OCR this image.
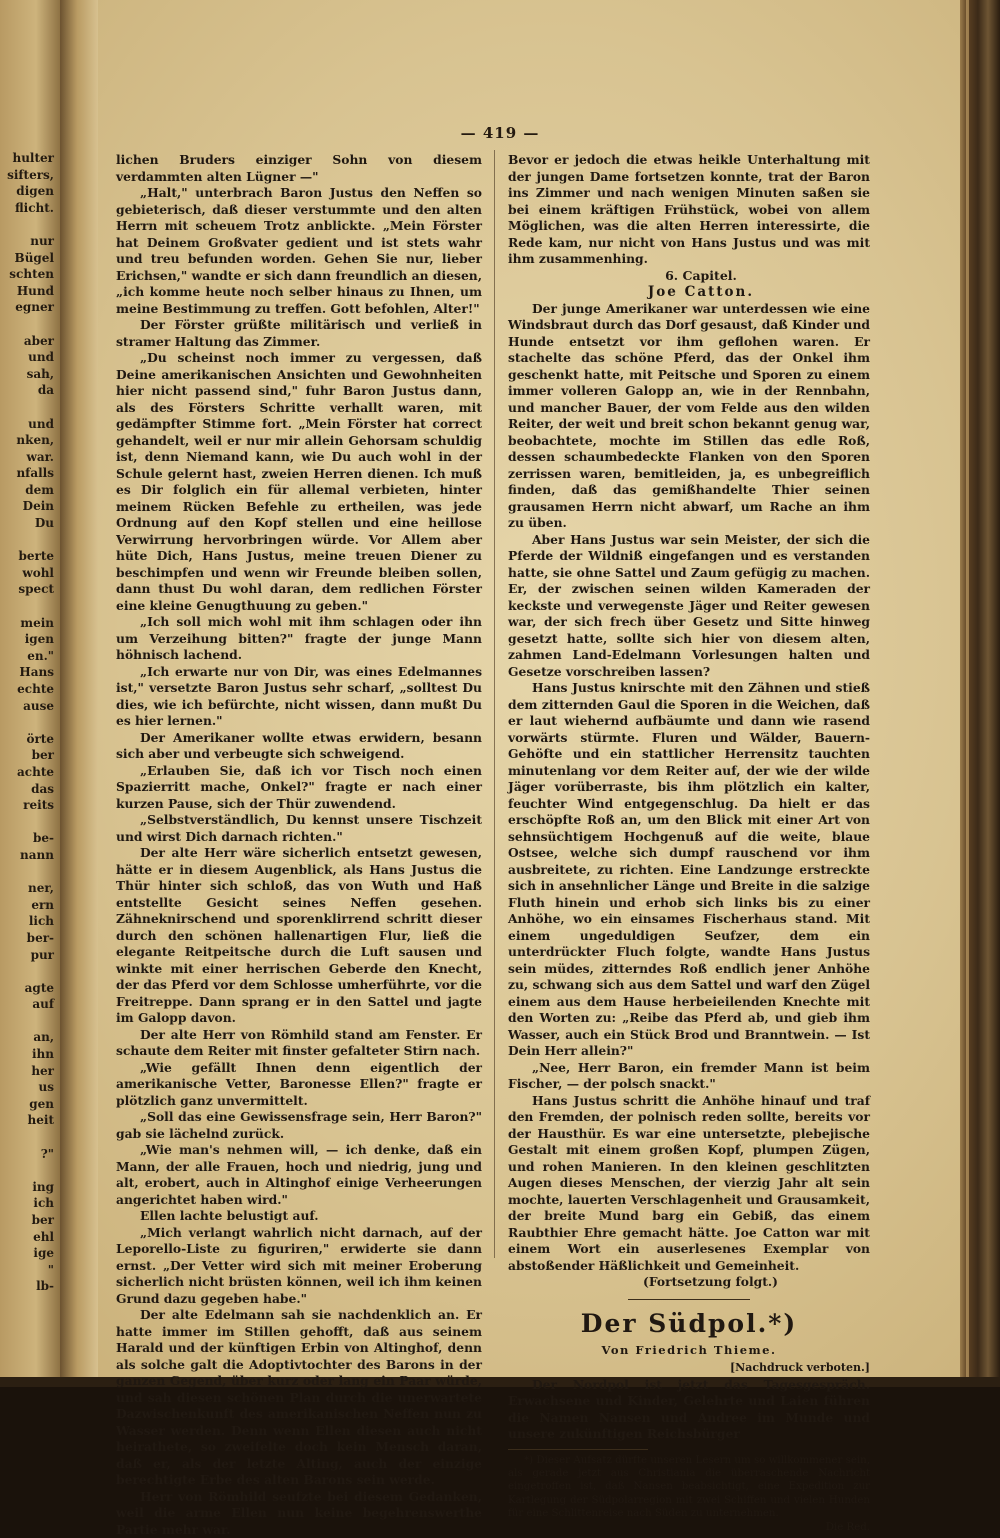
hulter
sifters,
digen
flicht.
nur
Bügel
schten
Hund
egner
aber
und
sah,
da
und
nken,
war.
nfalls
dem
Dein
Du
berte
wohl
spect
mein
igen
en."
Hans
echte
ause
örte
ber
achte
das
reits
be-
nann
ner,
ern
lich
ber-
pur
agte
auf
an,
ihn
her
us
gen
heit
?"
ing
ich
ber
ehl
ige
"
lb-
— 419 —

lichen Bruders einziger Sohn von diesem verdammten alten Lügner —"

„Halt," unterbrach Baron Justus den Neffen so gebieterisch, daß dieser verstummte und den alten Herrn mit scheuem Trotz anblickte. „Mein Förster hat Deinem Großvater gedient und ist stets wahr und treu befunden worden. Gehen Sie nur, lieber Erichsen," wandte er sich dann freundlich an diesen, „ich komme heute noch selber hinaus zu Ihnen, um meine Bestimmung zu treffen. Gott befohlen, Alter!"

Der Förster grüßte militärisch und verließ in stramer Haltung das Zimmer.

„Du scheinst noch immer zu vergessen, daß Deine amerikanischen Ansichten und Gewohnheiten hier nicht passend sind," fuhr Baron Justus dann, als des Försters Schritte verhallt waren, mit gedämpfter Stimme fort. „Mein Förster hat correct gehandelt, weil er nur mir allein Gehorsam schuldig ist, denn Niemand kann, wie Du auch wohl in der Schule gelernt hast, zweien Herren dienen. Ich muß es Dir folglich ein für allemal verbieten, hinter meinem Rücken Befehle zu ertheilen, was jede Ordnung auf den Kopf stellen und eine heillose Verwirrung hervorbringen würde. Vor Allem aber hüte Dich, Hans Justus, meine treuen Diener zu beschimpfen und wenn wir Freunde bleiben sollen, dann thust Du wohl daran, dem redlichen Förster eine kleine Genugthuung zu geben."

„Ich soll mich wohl mit ihm schlagen oder ihn um Verzeihung bitten?" fragte der junge Mann höhnisch lachend.

„Ich erwarte nur von Dir, was eines Edelmannes ist," versetzte Baron Justus sehr scharf, „solltest Du dies, wie ich befürchte, nicht wissen, dann mußt Du es hier lernen."

Der Amerikaner wollte etwas erwidern, besann sich aber und verbeugte sich schweigend.

„Erlauben Sie, daß ich vor Tisch noch einen Spazierritt mache, Onkel?" fragte er nach einer kurzen Pause, sich der Thür zuwendend.

„Selbstverständlich, Du kennst unsere Tischzeit und wirst Dich darnach richten."

Der alte Herr wäre sicherlich entsetzt gewesen, hätte er in diesem Augenblick, als Hans Justus die Thür hinter sich schloß, das von Wuth und Haß entstellte Gesicht seines Neffen gesehen. Zähneknirschend und sporenklirrend schritt dieser durch den schönen hallenartigen Flur, ließ die elegante Reitpeitsche durch die Luft sausen und winkte mit einer herrischen Geberde den Knecht, der das Pferd vor dem Schlosse umherführte, vor die Freitreppe. Dann sprang er in den Sattel und jagte im Galopp davon.

Der alte Herr von Römhild stand am Fenster. Er schaute dem Reiter mit finster gefalteter Stirn nach.

„Wie gefällt Ihnen denn eigentlich der amerikanische Vetter, Baronesse Ellen?" fragte er plötzlich ganz unvermittelt.

„Soll das eine Gewissensfrage sein, Herr Baron?" gab sie lächelnd zurück.

„Wie man's nehmen will, — ich denke, daß ein Mann, der alle Frauen, hoch und niedrig, jung und alt, erobert, auch in Altinghof einige Verheerungen angerichtet haben wird."

Ellen lachte belustigt auf.

„Mich verlangt wahrlich nicht darnach, auf der Leporello-Liste zu figuriren," erwiderte sie dann ernst. „Der Vetter wird sich mit meiner Eroberung sicherlich nicht brüsten können, weil ich ihm keinen Grund dazu gegeben habe."

Der alte Edelmann sah sie nachdenklich an. Er hatte immer im Stillen gehofft, daß aus seinem Harald und der künftigen Erbin von Altinghof, denn als solche galt die Adoptivtochter des Barons in der ganzen Gegend, über kurz oder lang ein Paar würde, und sah diesen schönen Plan durch die unerwartete Dazwischenkunft des amerikanischen Neffen nun zu Wasser werden. Denn wenn Ellen diesen auch nicht heirathete, so zweifelte doch kein Mensch daran, daß er, als der letzte Alting, auch der einzige berechtigte Erbe des alten Barons sein werde.

Herr von Römhild seufzte bei diesem Gedanken, weil die arme Ellen nun keine begehrenswerthe Partie mehr war.

Bevor er jedoch die etwas heikle Unterhaltung mit der jungen Dame fortsetzen konnte, trat der Baron ins Zimmer und nach wenigen Minuten saßen sie bei einem kräftigen Frühstück, wobei von allem Möglichen, was die alten Herren interessirte, die Rede kam, nur nicht von Hans Justus und was mit ihm zusammenhing.

6. Capitel.

Joe Catton.

Der junge Amerikaner war unterdessen wie eine Windsbraut durch das Dorf gesaust, daß Kinder und Hunde entsetzt vor ihm geflohen waren. Er stachelte das schöne Pferd, das der Onkel ihm geschenkt hatte, mit Peitsche und Sporen zu einem immer volleren Galopp an, wie in der Rennbahn, und mancher Bauer, der vom Felde aus den wilden Reiter, der weit und breit schon bekannt genug war, beobachtete, mochte im Stillen das edle Roß, dessen schaumbedeckte Flanken von den Sporen zerrissen waren, bemitleiden, ja, es unbegreiflich finden, daß das gemißhandelte Thier seinen grausamen Herrn nicht abwarf, um Rache an ihm zu üben.

Aber Hans Justus war sein Meister, der sich die Pferde der Wildniß eingefangen und es verstanden hatte, sie ohne Sattel und Zaum gefügig zu machen. Er, der zwischen seinen wilden Kameraden der keckste und verwegenste Jäger und Reiter gewesen war, der sich frech über Gesetz und Sitte hinweg gesetzt hatte, sollte sich hier von diesem alten, zahmen Land-Edelmann Vorlesungen halten und Gesetze vorschreiben lassen?

Hans Justus knirschte mit den Zähnen und stieß dem zitternden Gaul die Sporen in die Weichen, daß er laut wiehernd aufbäumte und dann wie rasend vorwärts stürmte. Fluren und Wälder, Bauern-Gehöfte und ein stattlicher Herrensitz tauchten minutenlang vor dem Reiter auf, der wie der wilde Jäger vorüberraste, bis ihm plötzlich ein kalter, feuchter Wind entgegenschlug. Da hielt er das erschöpfte Roß an, um den Blick mit einer Art von sehnsüchtigem Hochgenuß auf die weite, blaue Ostsee, welche sich dumpf rauschend vor ihm ausbreitete, zu richten. Eine Landzunge erstreckte sich in ansehnlicher Länge und Breite in die salzige Fluth hinein und erhob sich links bis zu einer Anhöhe, wo ein einsames Fischerhaus stand. Mit einem ungeduldigen Seufzer, dem ein unterdrückter Fluch folgte, wandte Hans Justus sein müdes, zitterndes Roß endlich jener Anhöhe zu, schwang sich aus dem Sattel und warf den Zügel einem aus dem Hause herbeieilenden Knechte mit den Worten zu: „Reibe das Pferd ab, und gieb ihm Wasser, auch ein Stück Brod und Branntwein. — Ist Dein Herr allein?"

„Nee, Herr Baron, ein fremder Mann ist beim Fischer, — der polsch snackt."

Hans Justus schritt die Anhöhe hinauf und traf den Fremden, der polnisch reden sollte, bereits vor der Hausthür. Es war eine untersetzte, plebejische Gestalt mit einem großen Kopf, plumpen Zügen, und rohen Manieren. In den kleinen geschlitzten Augen dieses Menschen, der vierzig Jahr alt sein mochte, lauerten Verschlagenheit und Grausamkeit, der breite Mund barg ein Gebiß, das einem Raubthier Ehre gemacht hätte. Joe Catton war mit einem Wort ein auserlesenes Exemplar von abstoßender Häßlichkeit und Gemeinheit.

(Fortsetzung folgt.)

Der Südpol.*)
Von Friedrich Thieme.

[Nachdruck verboten.]

Der Nordpol ist jetzt das Tagesgespräch. Erwachsene und Kinder, Gelehrte und Laien führen die Namen Nansen und Andree im Munde und unsere zukünftigen Reichsbürger

*) Dieser Aufsatz dürfte unseren Lesern um so willkommener sein, als gerade jetzt aus Christiania die überraschende Nachricht eingetroffen ist, daß Nansen beabsichtigt, eine Expedition zur Kartlegung der Südpolarregion mit zwei Schiffen und vielen Hunden für eine Schlittenreise nach Süden zu unternehmen.

Die Red.
